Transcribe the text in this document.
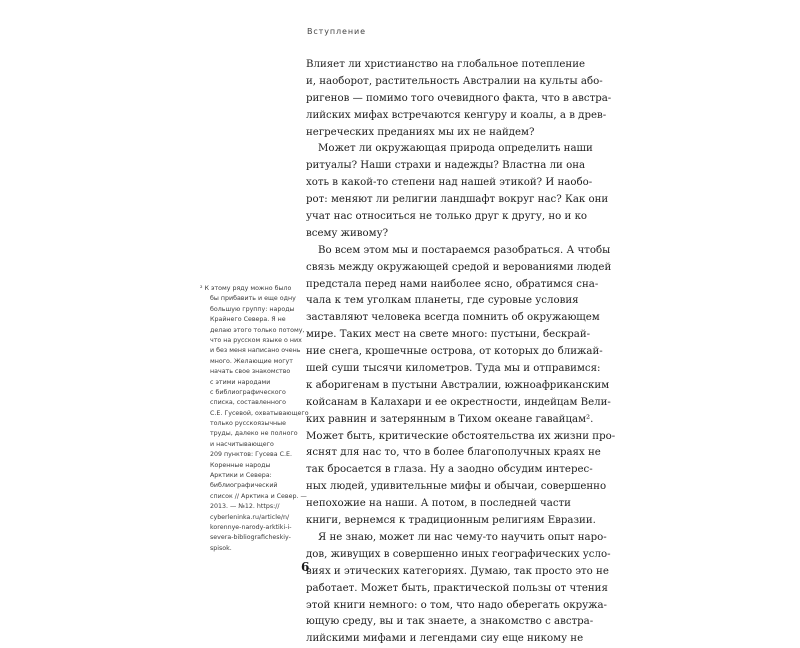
Вступление
Влияет ли христианство на глобальное потепление
и, наоборот, растительность Австралии на культы або-
ригенов — помимо того очевидного факта, что в австра-
лийских мифах встречаются кенгуру и коалы, а в древ-
негреческих преданиях мы их не найдем?
Может ли окружающая природа определить наши
ритуалы? Наши страхи и надежды? Властна ли она
хоть в какой-то степени над нашей этикой? И наобо-
рот: меняют ли религии ландшафт вокруг нас? Как они
учат нас относиться не только друг к другу, но и ко
всему живому?
Во всем этом мы и постараемся разобраться. А чтобы
связь между окружающей средой и верованиями людей
предстала перед нами наиболее ясно, обратимся сна-
чала к тем уголкам планеты, где суровые условия
заставляют человека всегда помнить об окружающем
мире. Таких мест на свете много: пустыни, бескрай-
ние снега, крошечные острова, от которых до ближай-
шей суши тысячи километров. Туда мы и отправимся:
к аборигенам в пустыни Австралии, южноафриканским
койсанам в Калахари и ее окрестности, индейцам Вели-
ких равнин и затерянным в Тихом океане гавайцам².
Может быть, критические обстоятельства их жизни про-
яснят для нас то, что в более благополучных краях не
так бросается в глаза. Ну а заодно обсудим интерес-
ных людей, удивительные мифы и обычаи, совершенно
непохожие на наши. А потом, в последней части
книги, вернемся к традиционным религиям Евразии.
Я не знаю, может ли нас чему-то научить опыт наро-
дов, живущих в совершенно иных географических усло-
виях и этических категориях. Думаю, так просто это не
работает. Может быть, практической пользы от чтения
этой книги немного: о том, что надо оберегать окружа-
ющую среду, вы и так знаете, а знакомство с австра-
лийскими мифами и легендами сиу еще никому не
² К этому ряду можно было
бы прибавить и еще одну
большую группу: народы
Крайнего Севера. Я не
делаю этого только потому,
что на русском языке о них
и без меня написано очень
много. Желающие могут
начать свое знакомство
с этими народами
с библиографического
списка, составленного
С.Е. Гусевой, охватывающего
только русскоязычные
труды, далеко не полного
и насчитывающего
209 пунктов: Гусева С.Е.
Коренные народы
Арктики и Севера:
библиографический
список // Арктика и Север. —
2013. — №12. https://
cyberleninka.ru/article/n/
korennye-narody-arktiki-i-
severa-bibliograficheskiy-
spisok.
6
